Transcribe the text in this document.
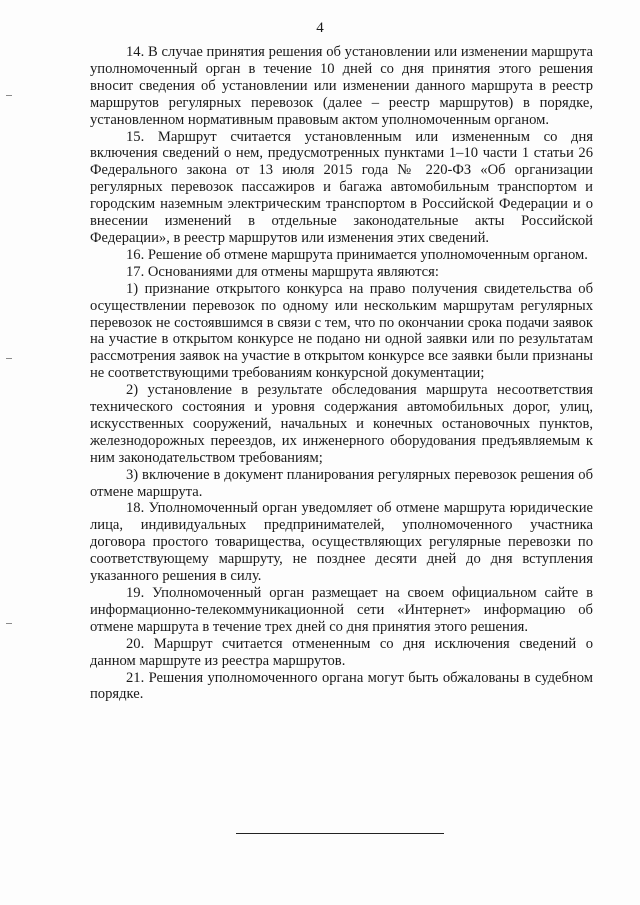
4

14. В случае принятия решения об установлении или изменении маршрута уполномоченный орган в течение 10 дней со дня принятия этого решения вносит сведения об установлении или изменении данного маршрута в реестр маршрутов регулярных перевозок (далее – реестр маршрутов) в порядке, установленном нормативным правовым актом уполномоченным органом.

15. Маршрут считается установленным или измененным со дня включения сведений о нем, предусмотренных пунктами 1–10 части 1 статьи 26 Федерального закона от 13 июля 2015 года № 220-ФЗ «Об организации регулярных перевозок пассажиров и багажа автомобильным транспортом и городским наземным электрическим транспортом в Российской Федерации и о внесении изменений в отдельные законодательные акты Российской Федерации», в реестр маршрутов или изменения этих сведений.

16. Решение об отмене маршрута принимается уполномоченным органом.

17. Основаниями для отмены маршрута являются:

1) признание открытого конкурса на право получения свидетельства об осуществлении перевозок по одному или нескольким маршрутам регулярных перевозок не состоявшимся в связи с тем, что по окончании срока подачи заявок на участие в открытом конкурсе не подано ни одной заявки или по результатам рассмотрения заявок на участие в открытом конкурсе все заявки были признаны не соответствующими требованиям конкурсной документации;

2) установление в результате обследования маршрута несоответствия технического состояния и уровня содержания автомобильных дорог, улиц, искусственных сооружений, начальных и конечных остановочных пунктов, железнодорожных переездов, их инженерного оборудования предъявляемым к ним законодательством требованиям;

3) включение в документ планирования регулярных перевозок решения об отмене маршрута.

18. Уполномоченный орган уведомляет об отмене маршрута юридические лица, индивидуальных предпринимателей, уполномоченного участника договора простого товарищества, осуществляющих регулярные перевозки по соответствующему маршруту, не позднее десяти дней до дня вступления указанного решения в силу.

19. Уполномоченный орган размещает на своем официальном сайте в информационно-телекоммуникационной сети «Интернет» информацию об отмене маршрута в течение трех дней со дня принятия этого решения.

20. Маршрут считается отмененным со дня исключения сведений о данном маршруте из реестра маршрутов.

21. Решения уполномоченного органа могут быть обжалованы в судебном порядке.
